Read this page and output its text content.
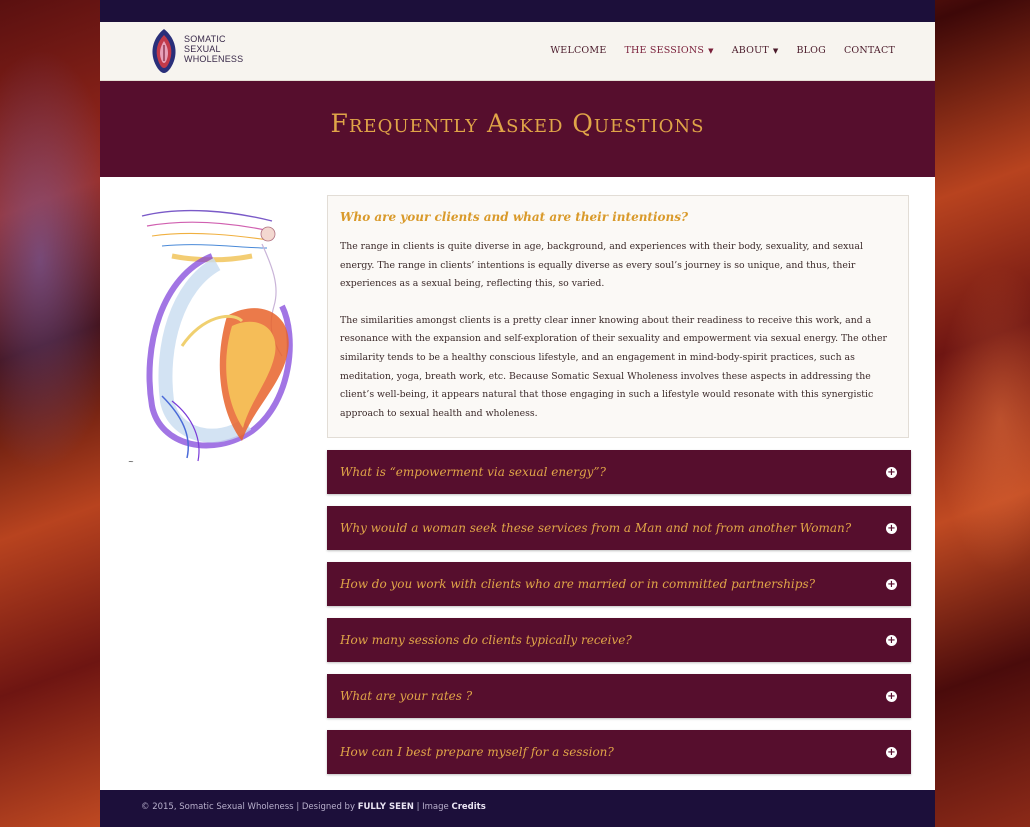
SOMATIC
SEXUAL
WHOLENESS
WELCOME THE SESSIONS ▼ ABOUT ▼ BLOG CONTACT
Frequently Asked Questions
~
Who are your clients and what are their intentions?

The range in clients is quite diverse in age, background, and experiences with their body, sexuality, and sexual energy. The range in clients’ intentions is equally diverse as every soul’s journey is so unique, and thus, their experiences as a sexual being, reflecting this, so varied.

The similarities amongst clients is a pretty clear inner knowing about their readiness to receive this work, and a resonance with the expansion and self-exploration of their sexuality and empowerment via sexual energy. The other similarity tends to be a healthy conscious lifestyle, and an engagement in mind-body-spirit practices, such as meditation, yoga, breath work, etc. Because Somatic Sexual Wholeness involves these aspects in addressing the client’s well-being, it appears natural that those engaging in such a lifestyle would resonate with this synergistic approach to sexual health and wholeness.

What is “empowerment via sexual energy”?	+
Why would a woman seek these services from a Man and not from another Woman?	+
How do you work with clients who are married or in committed partnerships?	+
How many sessions do clients typically receive?	+
What are your rates ?	+
How can I best prepare myself for a session?	+
© 2015, Somatic Sexual Wholeness | Designed by FULLY SEEN | Image Credits
